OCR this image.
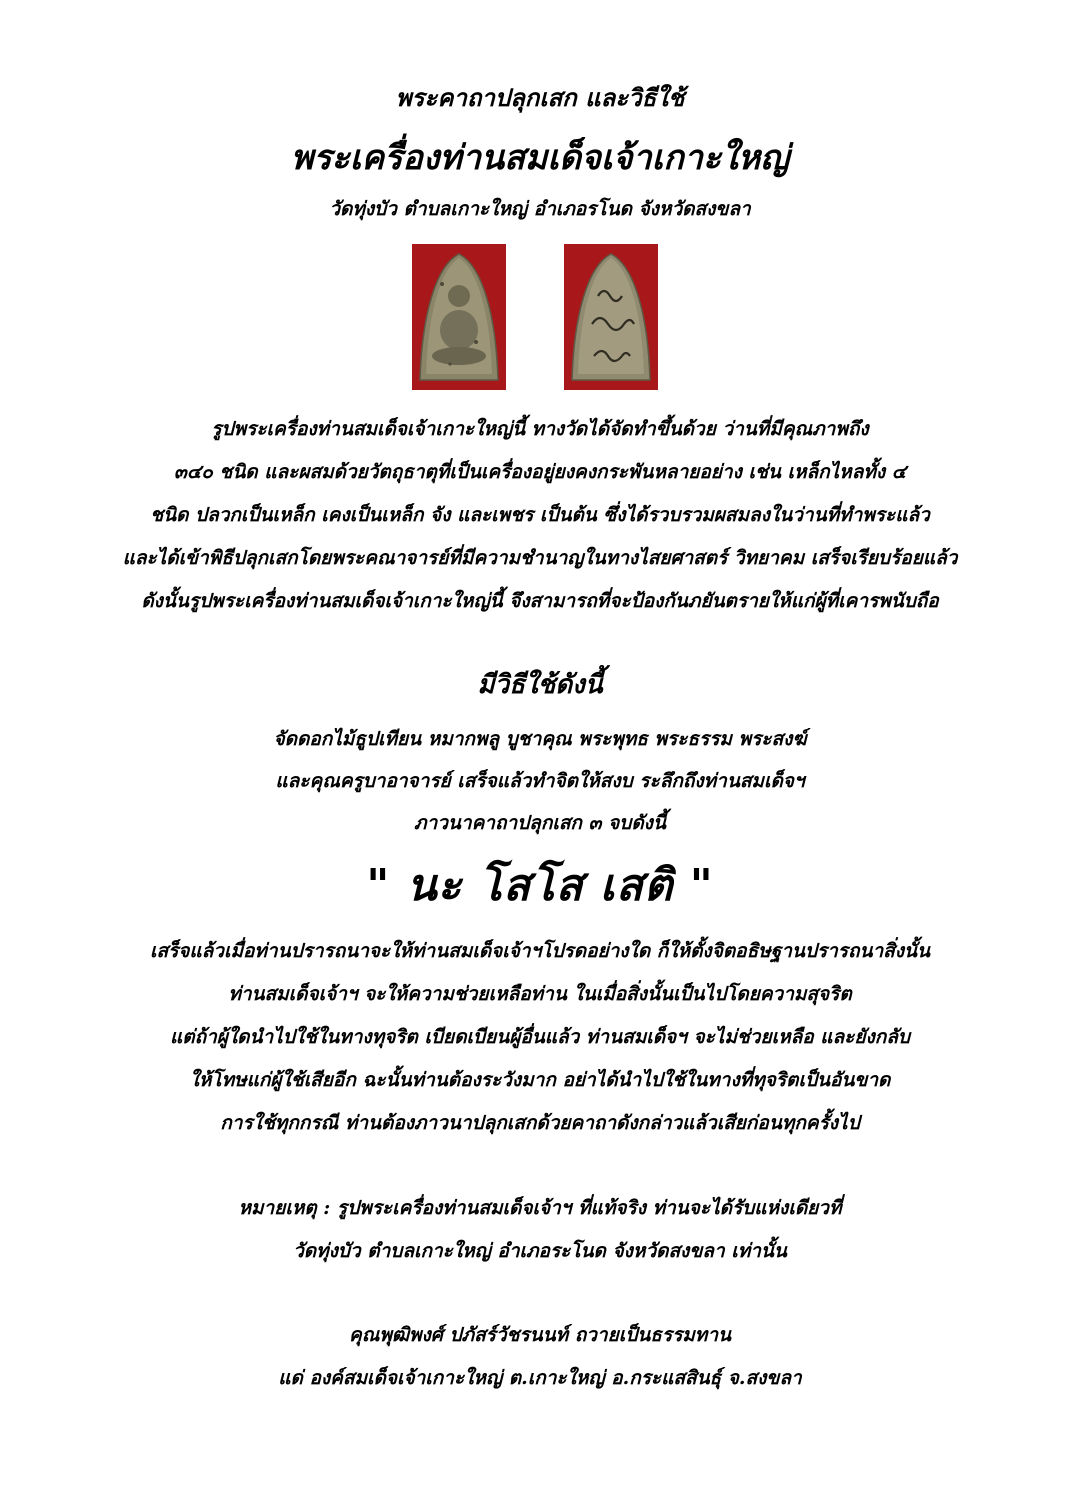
พระคาถาปลุกเสก และวิธีใช้
พระเครื่องท่านสมเด็จเจ้าเกาะใหญ่
วัดทุ่งบัว ตำบลเกาะใหญ่ อำเภอรโนด จังหวัดสงขลา
รูปพระเครื่องท่านสมเด็จเจ้าเกาะใหญ่นี้ ทางวัดได้จัดทำขึ้นด้วย ว่านที่มีคุณภาพถึง
๓๔๐ ชนิด และผสมด้วยวัตถุธาตุที่เป็นเครื่องอยู่ยงคงกระพันหลายอย่าง เช่น เหล็กไหลทั้ง ๔
ชนิด ปลวกเป็นเหล็ก เคงเป็นเหล็ก จัง และเพชร เป็นต้น ซึ่งได้รวบรวมผสมลงในว่านที่ทำพระแล้ว
และได้เข้าพิธีปลุกเสกโดยพระคณาจารย์ที่มีความชำนาญในทางไสยศาสตร์ วิทยาคม เสร็จเรียบร้อยแล้ว
ดังนั้นรูปพระเครื่องท่านสมเด็จเจ้าเกาะใหญ่นี้ จึงสามารถที่จะป้องกันภยันตรายให้แก่ผู้ที่เคารพนับถือ
มีวิธีใช้ดังนี้
จัดดอกไม้ธูปเทียน หมากพลู บูชาคุณ พระพุทธ พระธรรม พระสงฆ์
และคุณครูบาอาจารย์ เสร็จแล้วทำจิตให้สงบ ระลึกถึงท่านสมเด็จฯ
ภาวนาคาถาปลุกเสก ๓ จบดังนี้
" นะ โสโส เสติ "
เสร็จแล้วเมื่อท่านปรารถนาจะให้ท่านสมเด็จเจ้าฯโปรดอย่างใด ก็ให้ตั้งจิตอธิษฐานปรารถนาสิ่งนั้น
ท่านสมเด็จเจ้าฯ จะให้ความช่วยเหลือท่าน ในเมื่อสิ่งนั้นเป็นไปโดยความสุจริต
แต่ถ้าผู้ใดนำไปใช้ในทางทุจริต เบียดเบียนผู้อื่นแล้ว ท่านสมเด็จฯ จะไม่ช่วยเหลือ และยังกลับ
ให้โทษแก่ผู้ใช้เสียอีก ฉะนั้นท่านต้องระวังมาก อย่าได้นำไปใช้ในทางที่ทุจริตเป็นอันขาด
การใช้ทุกกรณี ท่านต้องภาวนาปลุกเสกด้วยคาถาดังกล่าวแล้วเสียก่อนทุกครั้งไป
หมายเหตุ : รูปพระเครื่องท่านสมเด็จเจ้าฯ ที่แท้จริง ท่านจะได้รับแห่งเดียวที่
วัดทุ่งบัว ตำบลเกาะใหญ่ อำเภอระโนด จังหวัดสงขลา เท่านั้น
คุณพุฒิพงศ์ ปภัสร์วัชรนนท์ ถวายเป็นธรรมทาน
แด่ องค์สมเด็จเจ้าเกาะใหญ่ ต.เกาะใหญ่ อ.กระแสสินธุ์ จ.สงขลา
